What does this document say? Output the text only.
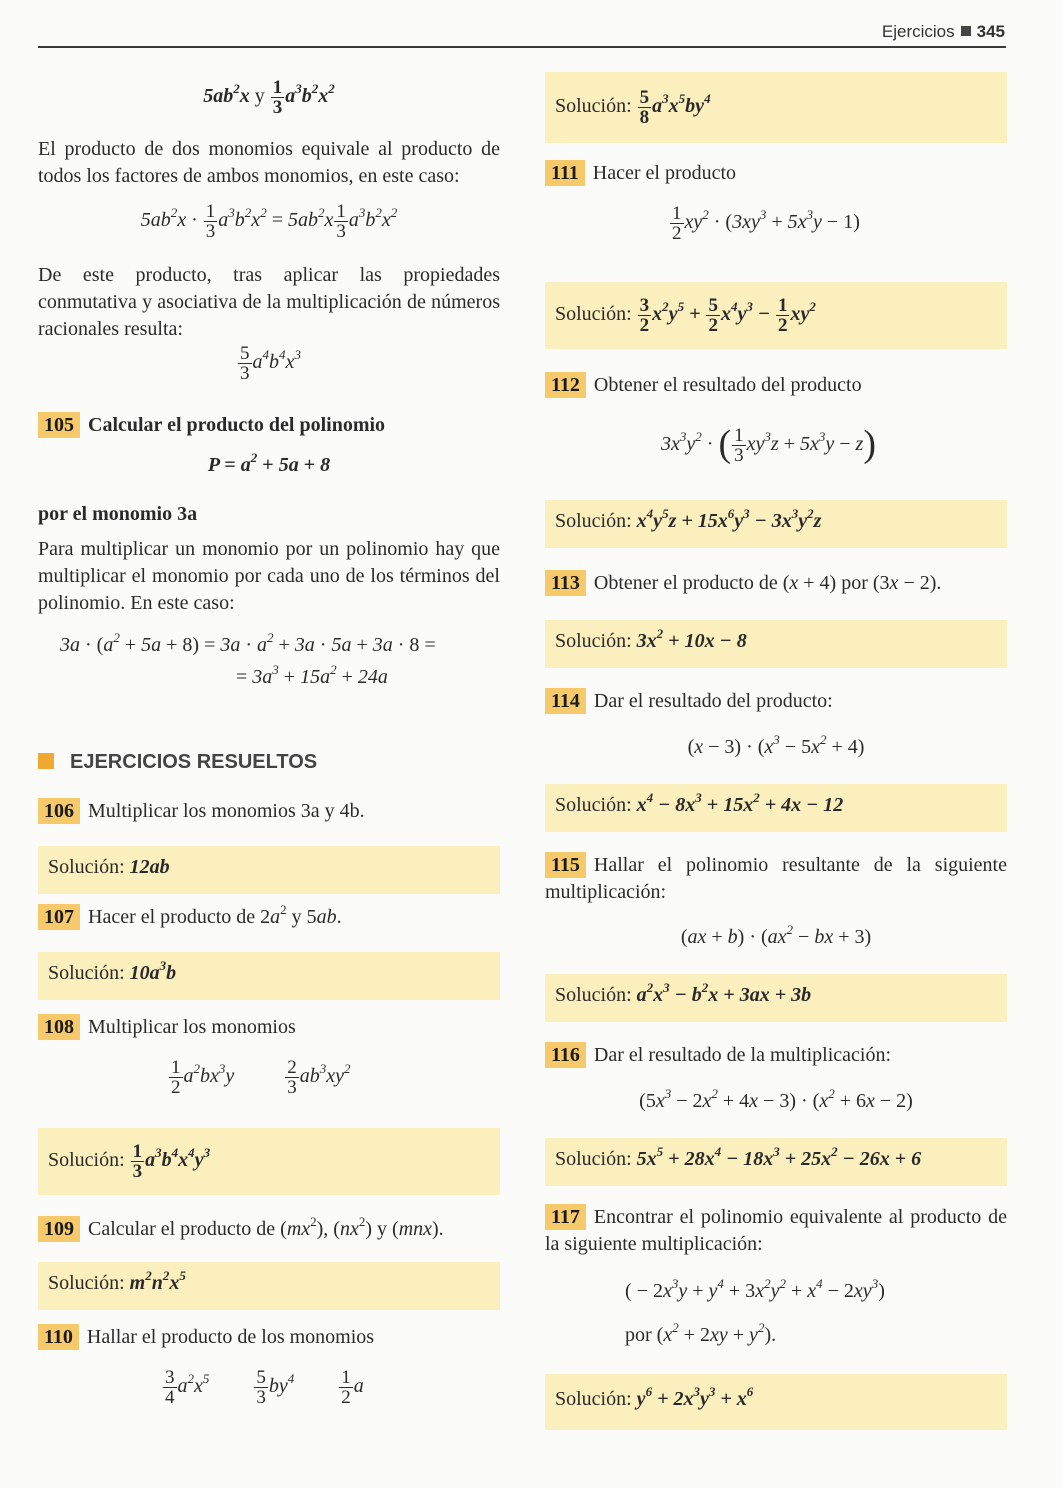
Ejercicios 345
$5ab^2x$ y $\frac{1}{3} a^3b^2x^2$

El producto de dos monomios equivale al producto de todos los factores de ambos monomios, en este caso:

$5ab^2x \cdot \frac{1}{3} a^3b^2x^2 = 5ab^2x \frac{1}{3} a^3b^2x^2$

De este producto, tras aplicar las propiedades conmutativa y asociativa de la multiplicación de números racionales resulta:

$\frac{5}{3} a^4b^4x^3$

105 Calcular el producto del polinomio

$P = a^2 + 5a + 8$

por el monomio 3a

Para multiplicar un monomio por un polinomio hay que multiplicar el monomio por cada uno de los términos del polinomio. En este caso:

$3a \cdot (a^2 + 5a + 8) = 3a \cdot a^2 + 3a \cdot 5a + 3a \cdot 8$ =
= $3a^3 + 15a^2 + 24a$

EJERCICIOS RESUELTOS

106 Multiplicar los monomios 3a y 4b.

Solución: 12ab

107 Hacer el producto de $2a^2$ y 5ab.

Solución: $10a^3b$

108 Multiplicar los monomios

$\frac{1}{2} a^2bx^3y \frac{2}{3} ab^3xy^2$
Solución: $\frac{1}{3} a^3b^4x^4y^3$

109 Calcular el producto de $(mx^2)$, $(nx^2)$ y (mnx).

Solución: $m^2n^2x^5$

110 Hallar el producto de los monomios

$\frac{3}{4} a^2x^5 \frac{5}{3} by^4 \frac{1}{2}$ a
Solución: $\frac{5}{8} a^3x^5by^4$

111 Hacer el producto

$\frac{1}{2} xy^2 \cdot (3xy^3 + 5x^3y - 1)$
Solución: $\frac{3}{2} x^2y^5 + \frac{5}{2} x^4y^3 - \frac{1}{2} xy^2$

112 Obtener el resultado del producto

$3x^3y^2$ · ( $\frac{1}{3} xy^3z + 5x^3y - z$)
Solución: $x^4y^5z + 15x^6y^3 - 3x^3y^2z$

113 Obtener el producto de (x + 4) por (3x − 2).

Solución: $3x^2 + 10x - 8$

114 Dar el resultado del producto:

$(x - 3) \cdot (x^3 - 5x^2 + 4)$
Solución: $x^4 - 8x^3 + 15x^2 + 4x - 12$

115 Hallar el polinomio resultante de la siguiente multiplicación:

$(ax + b) \cdot (ax^2$ − bx + 3)
Solución: $a^2x^3 - b^2x + 3ax + 3b$

116 Dar el resultado de la multiplicación:

$(5x^3 - 2x^2 + 4x - 3) \cdot (x^2 + 6x - 2)$
Solución: $5x^5 + 28x^4 - 18x^3 + 25x^2 - 26x + 6$

117 Encontrar el polinomio equivalente al producto de la siguiente multiplicación:

( − $2x^3y + y^4 + 3x^2y^2 + x^4 - 2xy^3$)
por $(x^2 + 2xy + y^2)$.
Solución: $y^6 + 2x^3y^3 + x^6$
